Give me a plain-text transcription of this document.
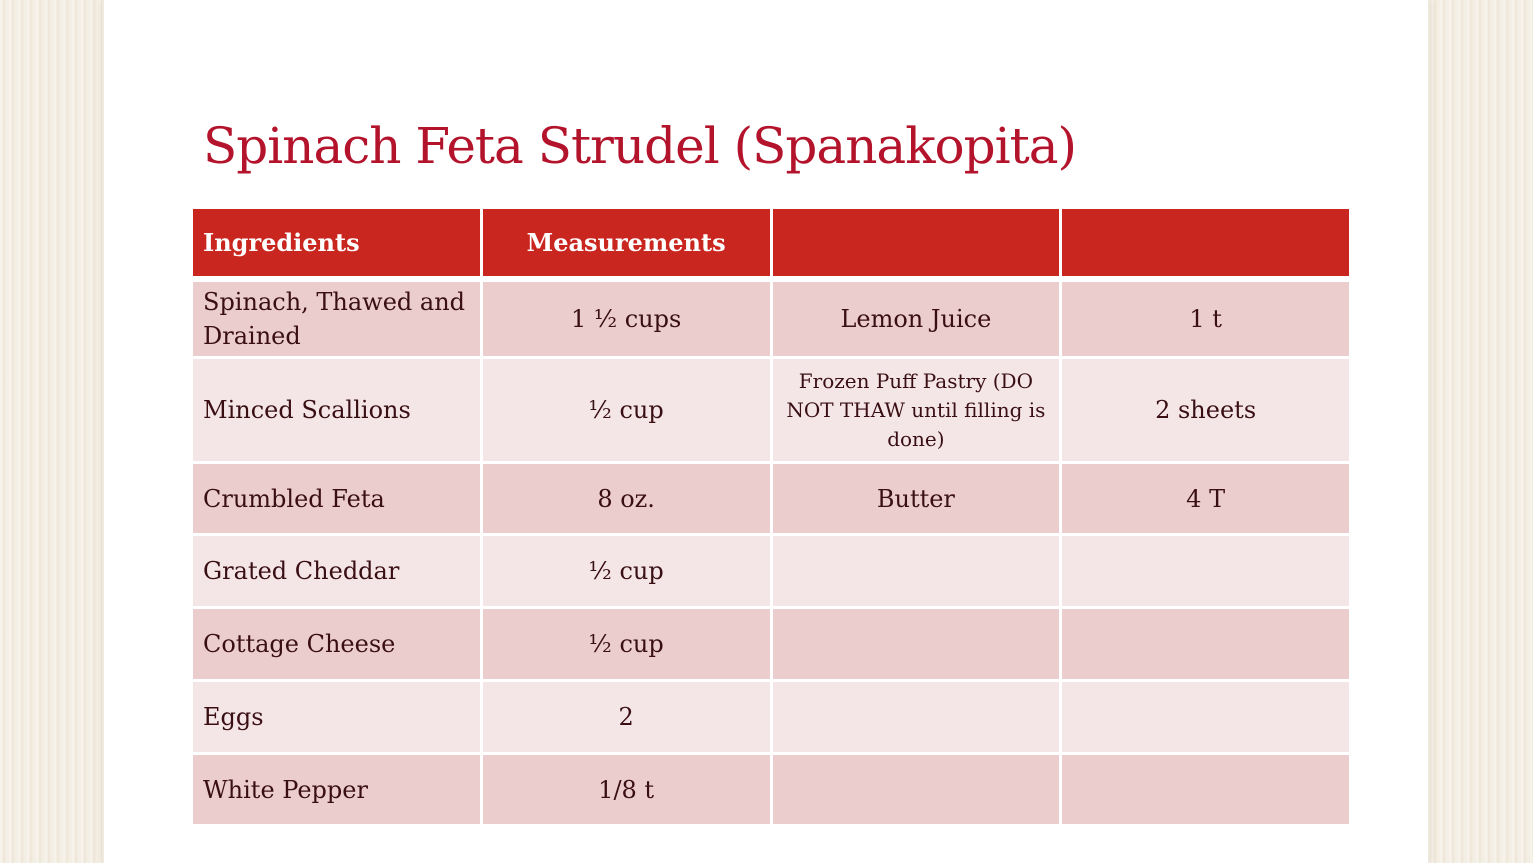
Spinach Feta Strudel (Spanakopita)
Ingredients	Measurements		
Spinach, Thawed and Drained	1 ½ cups	Lemon Juice	1 t
Minced Scallions	½ cup	Frozen Puff Pastry (DO NOT THAW until filling is done)	2 sheets
Crumbled Feta	8 oz.	Butter	4 T
Grated Cheddar	½ cup		
Cottage Cheese	½ cup		
Eggs	2		
White Pepper	1/8 t		
